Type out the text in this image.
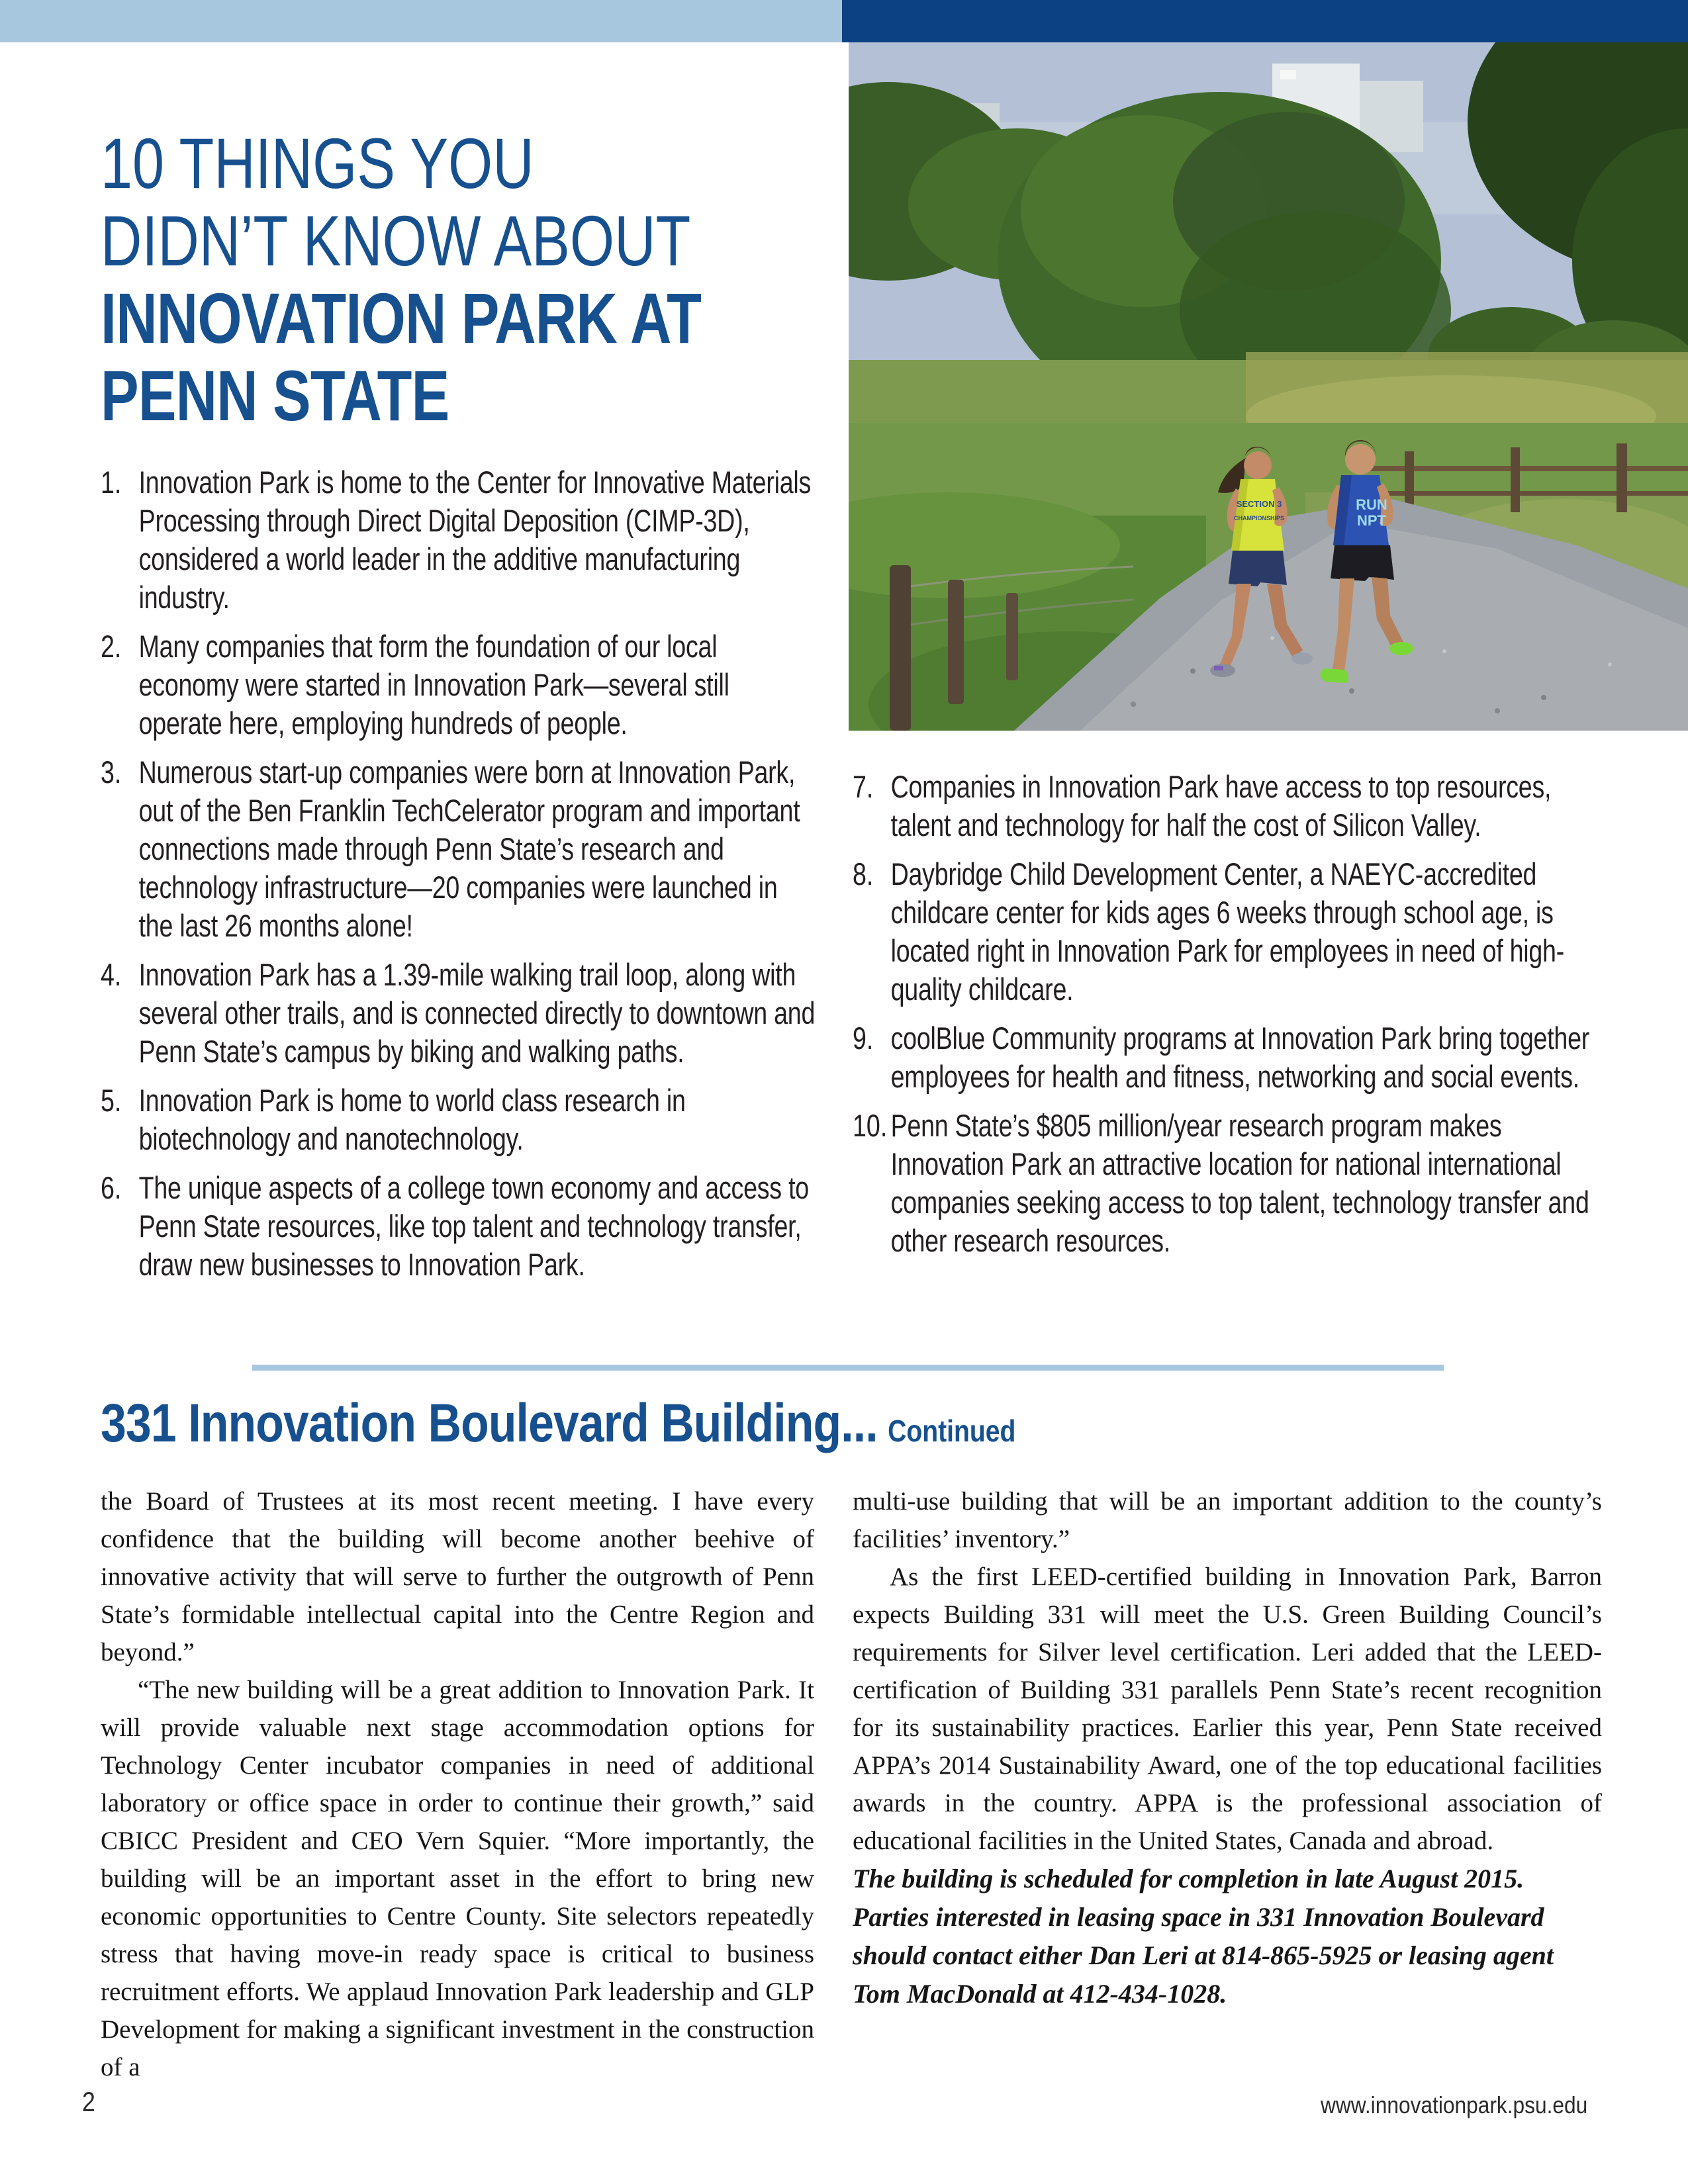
SECTION 3
CHAMPIONSHIPS
RUN
NPT
10 THINGS YOU
DIDN’T KNOW ABOUT
INNOVATION PARK AT
PENN STATE
1. Innovation Park is home to the Center for Innovative Materials Processing through Direct Digital Deposition (CIMP-3D), considered a world leader in the additive manufacturing industry.
2. Many companies that form the foundation of our local economy were started in Innovation Park—several still operate here, employing hundreds of people.
3. Numerous start-up companies were born at Innovation Park, out of the Ben Franklin TechCelerator program and important connections made through Penn State’s research and technology infrastructure—20 companies were launched in the last 26 months alone!
4. Innovation Park has a 1.39-mile walking trail loop, along with several other trails, and is connected directly to downtown and Penn State’s campus by biking and walking paths.
5. Innovation Park is home to world class research in biotechnology and nanotechnology.
6. The unique aspects of a college town economy and access to Penn State resources, like top talent and technology transfer, draw new businesses to Innovation Park.
7. Companies in Innovation Park have access to top resources, talent and technology for half the cost of Silicon Valley.
8. Daybridge Child Development Center, a NAEYC-accredited childcare center for kids ages 6 weeks through school age, is located right in Innovation Park for employees in need of high-quality childcare.
9. coolBlue Community programs at Innovation Park bring together employees for health and fitness, networking and social events.
10. Penn State’s $805 million/year research program makes Innovation Park an attractive location for national international companies seeking access to top talent, technology transfer and other research resources.
331 Innovation Boulevard Building... Continued

the Board of Trustees at its most recent meeting. I have every confidence that the building will become another beehive of innovative activity that will serve to further the outgrowth of Penn State’s formidable intellectual capital into the Centre Region and beyond.”

“The new building will be a great addition to Innovation Park. It will provide valuable next stage accommodation options for Technology Center incubator companies in need of additional laboratory or office space in order to continue their growth,” said CBICC President and CEO Vern Squier. “More importantly, the building will be an important asset in the effort to bring new economic opportunities to Centre County. Site selectors repeatedly stress that having move-in ready space is critical to business recruitment efforts. We applaud Innovation Park leadership and GLP Development for making a significant investment in the construction of a

multi-use building that will be an important addition to the county’s facilities’ inventory.”

As the first LEED-certified building in Innovation Park, Barron expects Building 331 will meet the U.S. Green Building Council’s requirements for Silver level certification. Leri added that the LEED-certification of Building 331 parallels Penn State’s recent recognition for its sustainability practices. Earlier this year, Penn State received APPA’s 2014 Sustainability Award, one of the top educational facilities awards in the country. APPA is the professional association of educational facilities in the United States, Canada and abroad.

The building is scheduled for completion in late August 2015. Parties interested in leasing space in 331 Innovation Boulevard should contact either Dan Leri at 814-865-5925 or leasing agent Tom MacDonald at 412-434-1028.

2	www.innovationpark.psu.edu
